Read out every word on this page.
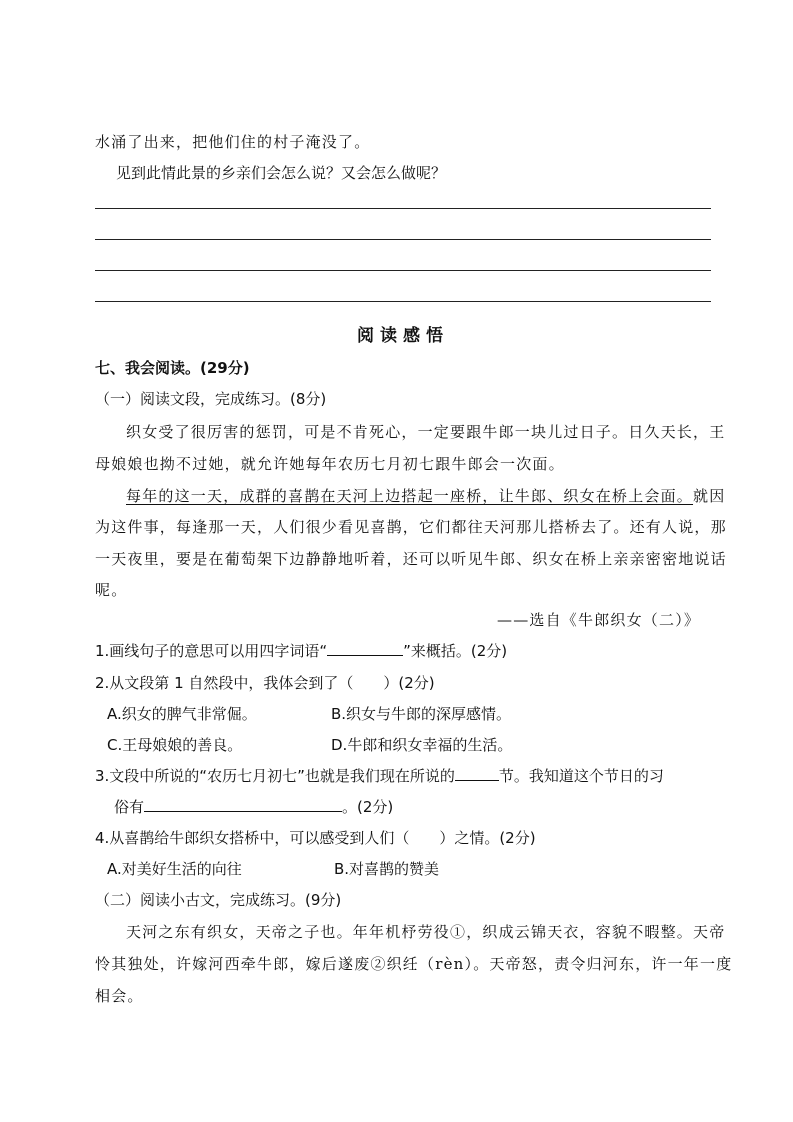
水涌了出来，把他们住的村子淹没了。
见到此情此景的乡亲们会怎么说？又会怎么做呢？
阅读感悟
七、我会阅读。(29分)
（一）阅读文段，完成练习。(8分)
织女受了很厉害的惩罚，可是不肯死心，一定要跟牛郎一块儿过日子。日久天长，王
母娘娘也拗不过她，就允许她每年农历七月初七跟牛郎会一次面。
每年的这一天，成群的喜鹊在天河上边搭起一座桥，让牛郎、织女在桥上会面。就因
为这件事，每逢那一天，人们很少看见喜鹊，它们都往天河那儿搭桥去了。还有人说，那
一天夜里，要是在葡萄架下边静静地听着，还可以听见牛郎、织女在桥上亲亲密密地说话
呢。
——选自《牛郎织女（二）》
1.画线句子的意思可以用四字词语“	”来概括。(2分)
2.从文段第 1 自然段中，我体会到了（　　）(2分)
A.织女的脾气非常倔。	B.织女与牛郎的深厚感情。
C.王母娘娘的善良。	D.牛郎和织女幸福的生活。
3.文段中所说的“农历七月初七”也就是我们现在所说的	节。我知道这个节日的习
俗有	。(2分)
4.从喜鹊给牛郎织女搭桥中，可以感受到人们（　　）之情。(2分)
A.对美好生活的向往	B.对喜鹊的赞美
（二）阅读小古文，完成练习。(9分)
天河之东有织女，天帝之子也。年年机杼劳役①，织成云锦天衣，容貌不暇整。天帝
怜其独处，许嫁河西牵牛郎，嫁后遂废②织纴（rèn）。天帝怒，责令归河东，许一年一度
相会。
